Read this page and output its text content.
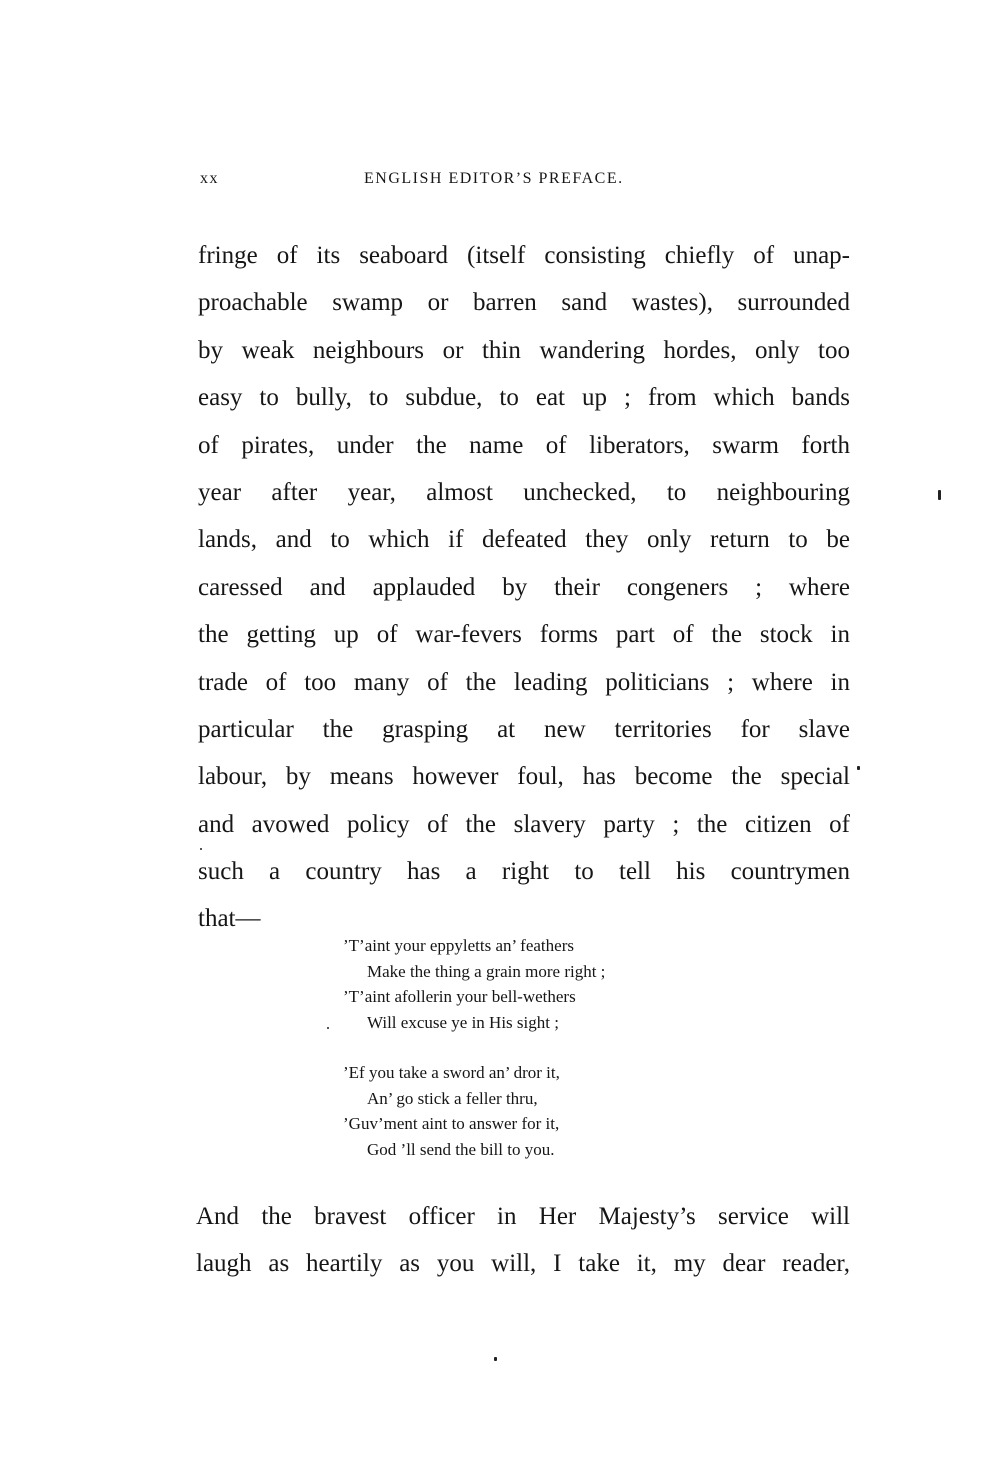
xx	ENGLISH EDITOR’S PREFACE.
fringe of its seaboard (itself consisting chiefly of unap-
proachable swamp or barren sand wastes), surrounded
by weak neighbours or thin wandering hordes, only too
easy to bully, to subdue, to eat up ; from which bands
of pirates, under the name of liberators, swarm forth
year after year, almost unchecked, to neighbouring
lands, and to which if defeated they only return to be
caressed and applauded by their congeners ; where
the getting up of war-fevers forms part of the stock in
trade of too many of the leading politicians ; where in
particular the grasping at new territories for slave
labour, by means however foul, has become the special
and avowed policy of the slavery party ; the citizen of
such a country has a right to tell his countrymen
that—
’T’aint your eppyletts an’ feathers
Make the thing a grain more right ;
’T’aint afollerin your bell-wethers
Will excuse ye in His sight ;
’Ef you take a sword an’ dror it,
An’ go stick a feller thru,
’Guv’ment aint to answer for it,
God ’ll send the bill to you.
And the bravest officer in Her Majesty’s service will
laugh as heartily as you will, I take it, my dear reader,
